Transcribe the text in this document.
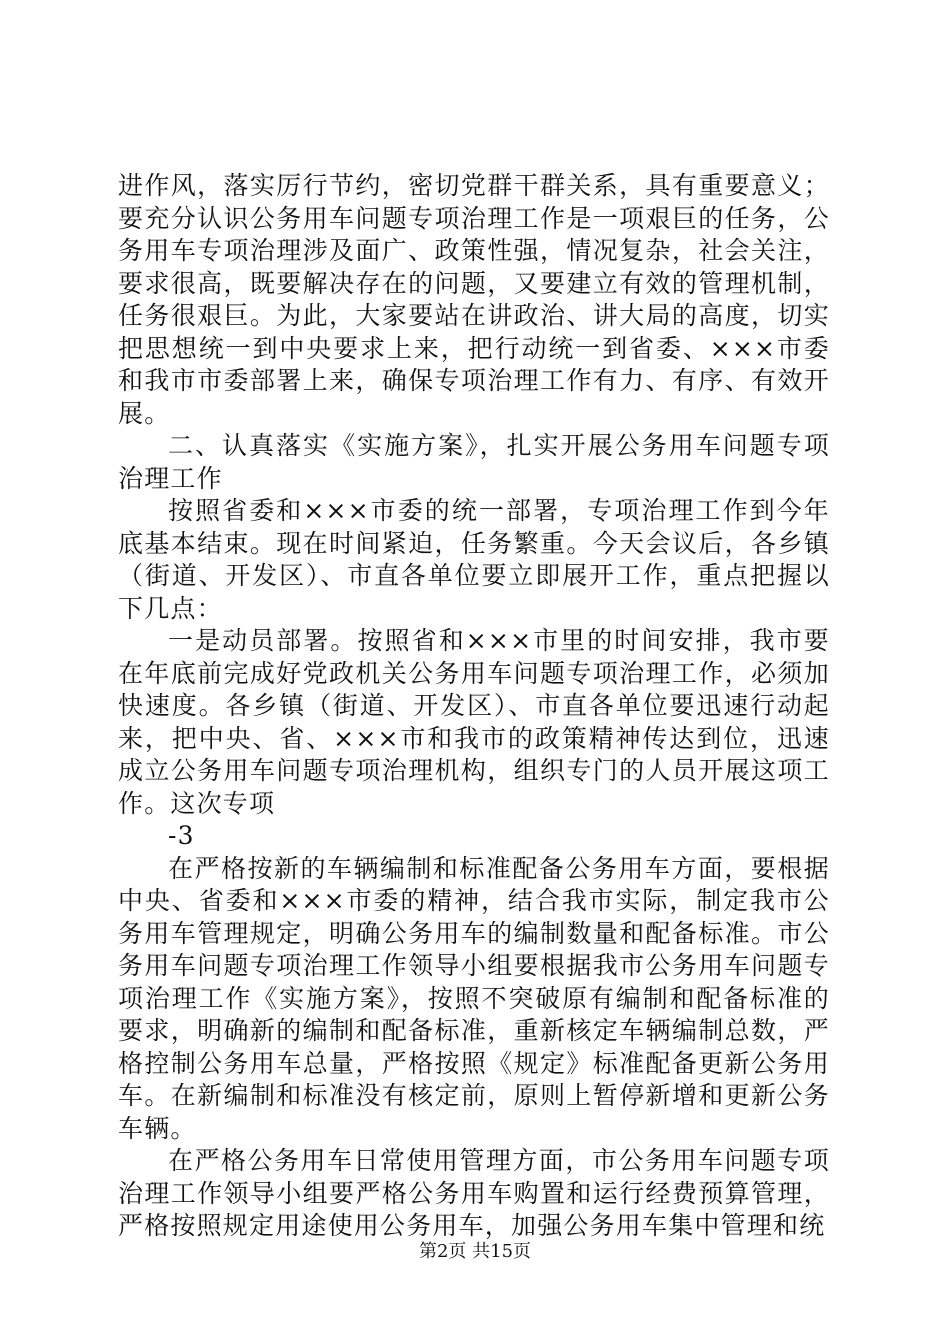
进作风，落实厉行节约，密切党群干群关系，具有重要意义；要充分认识公务用车问题专项治理工作是一项艰巨的任务，公务用车专项治理涉及面广、政策性强，情况复杂，社会关注，要求很高，既要解决存在的问题，又要建立有效的管理机制，任务很艰巨。为此，大家要站在讲政治、讲大局的高度，切实把思想统一到中央要求上来，把行动统一到省委、×××市委和我市市委部署上来，确保专项治理工作有力、有序、有效开展。

二、认真落实《实施方案》，扎实开展公务用车问题专项治理工作

按照省委和×××市委的统一部署，专项治理工作到今年底基本结束。现在时间紧迫，任务繁重。今天会议后，各乡镇（街道、开发区）、市直各单位要立即展开工作，重点把握以下几点：

一是动员部署。按照省和×××市里的时间安排，我市要在年底前完成好党政机关公务用车问题专项治理工作，必须加快速度。各乡镇（街道、开发区）、市直各单位要迅速行动起来，把中央、省、×××市和我市的政策精神传达到位，迅速成立公务用车问题专项治理机构，组织专门的人员开展这项工作。这次专项

-3

在严格按新的车辆编制和标准配备公务用车方面，要根据中央、省委和×××市委的精神，结合我市实际，制定我市公务用车管理规定，明确公务用车的编制数量和配备标准。市公务用车问题专项治理工作领导小组要根据我市公务用车问题专项治理工作《实施方案》，按照不突破原有编制和配备标准的要求，明确新的编制和配备标准，重新核定车辆编制总数，严格控制公务用车总量，严格按照《规定》标准配备更新公务用车。在新编制和标准没有核定前，原则上暂停新增和更新公务车辆。

在严格公务用车日常使用管理方面，市公务用车问题专项治理工作领导小组要严格公务用车购置和运行经费预算管理，严格按照规定用途使用公务用车，加强公务用车集中管理和统

第2页 共15页
